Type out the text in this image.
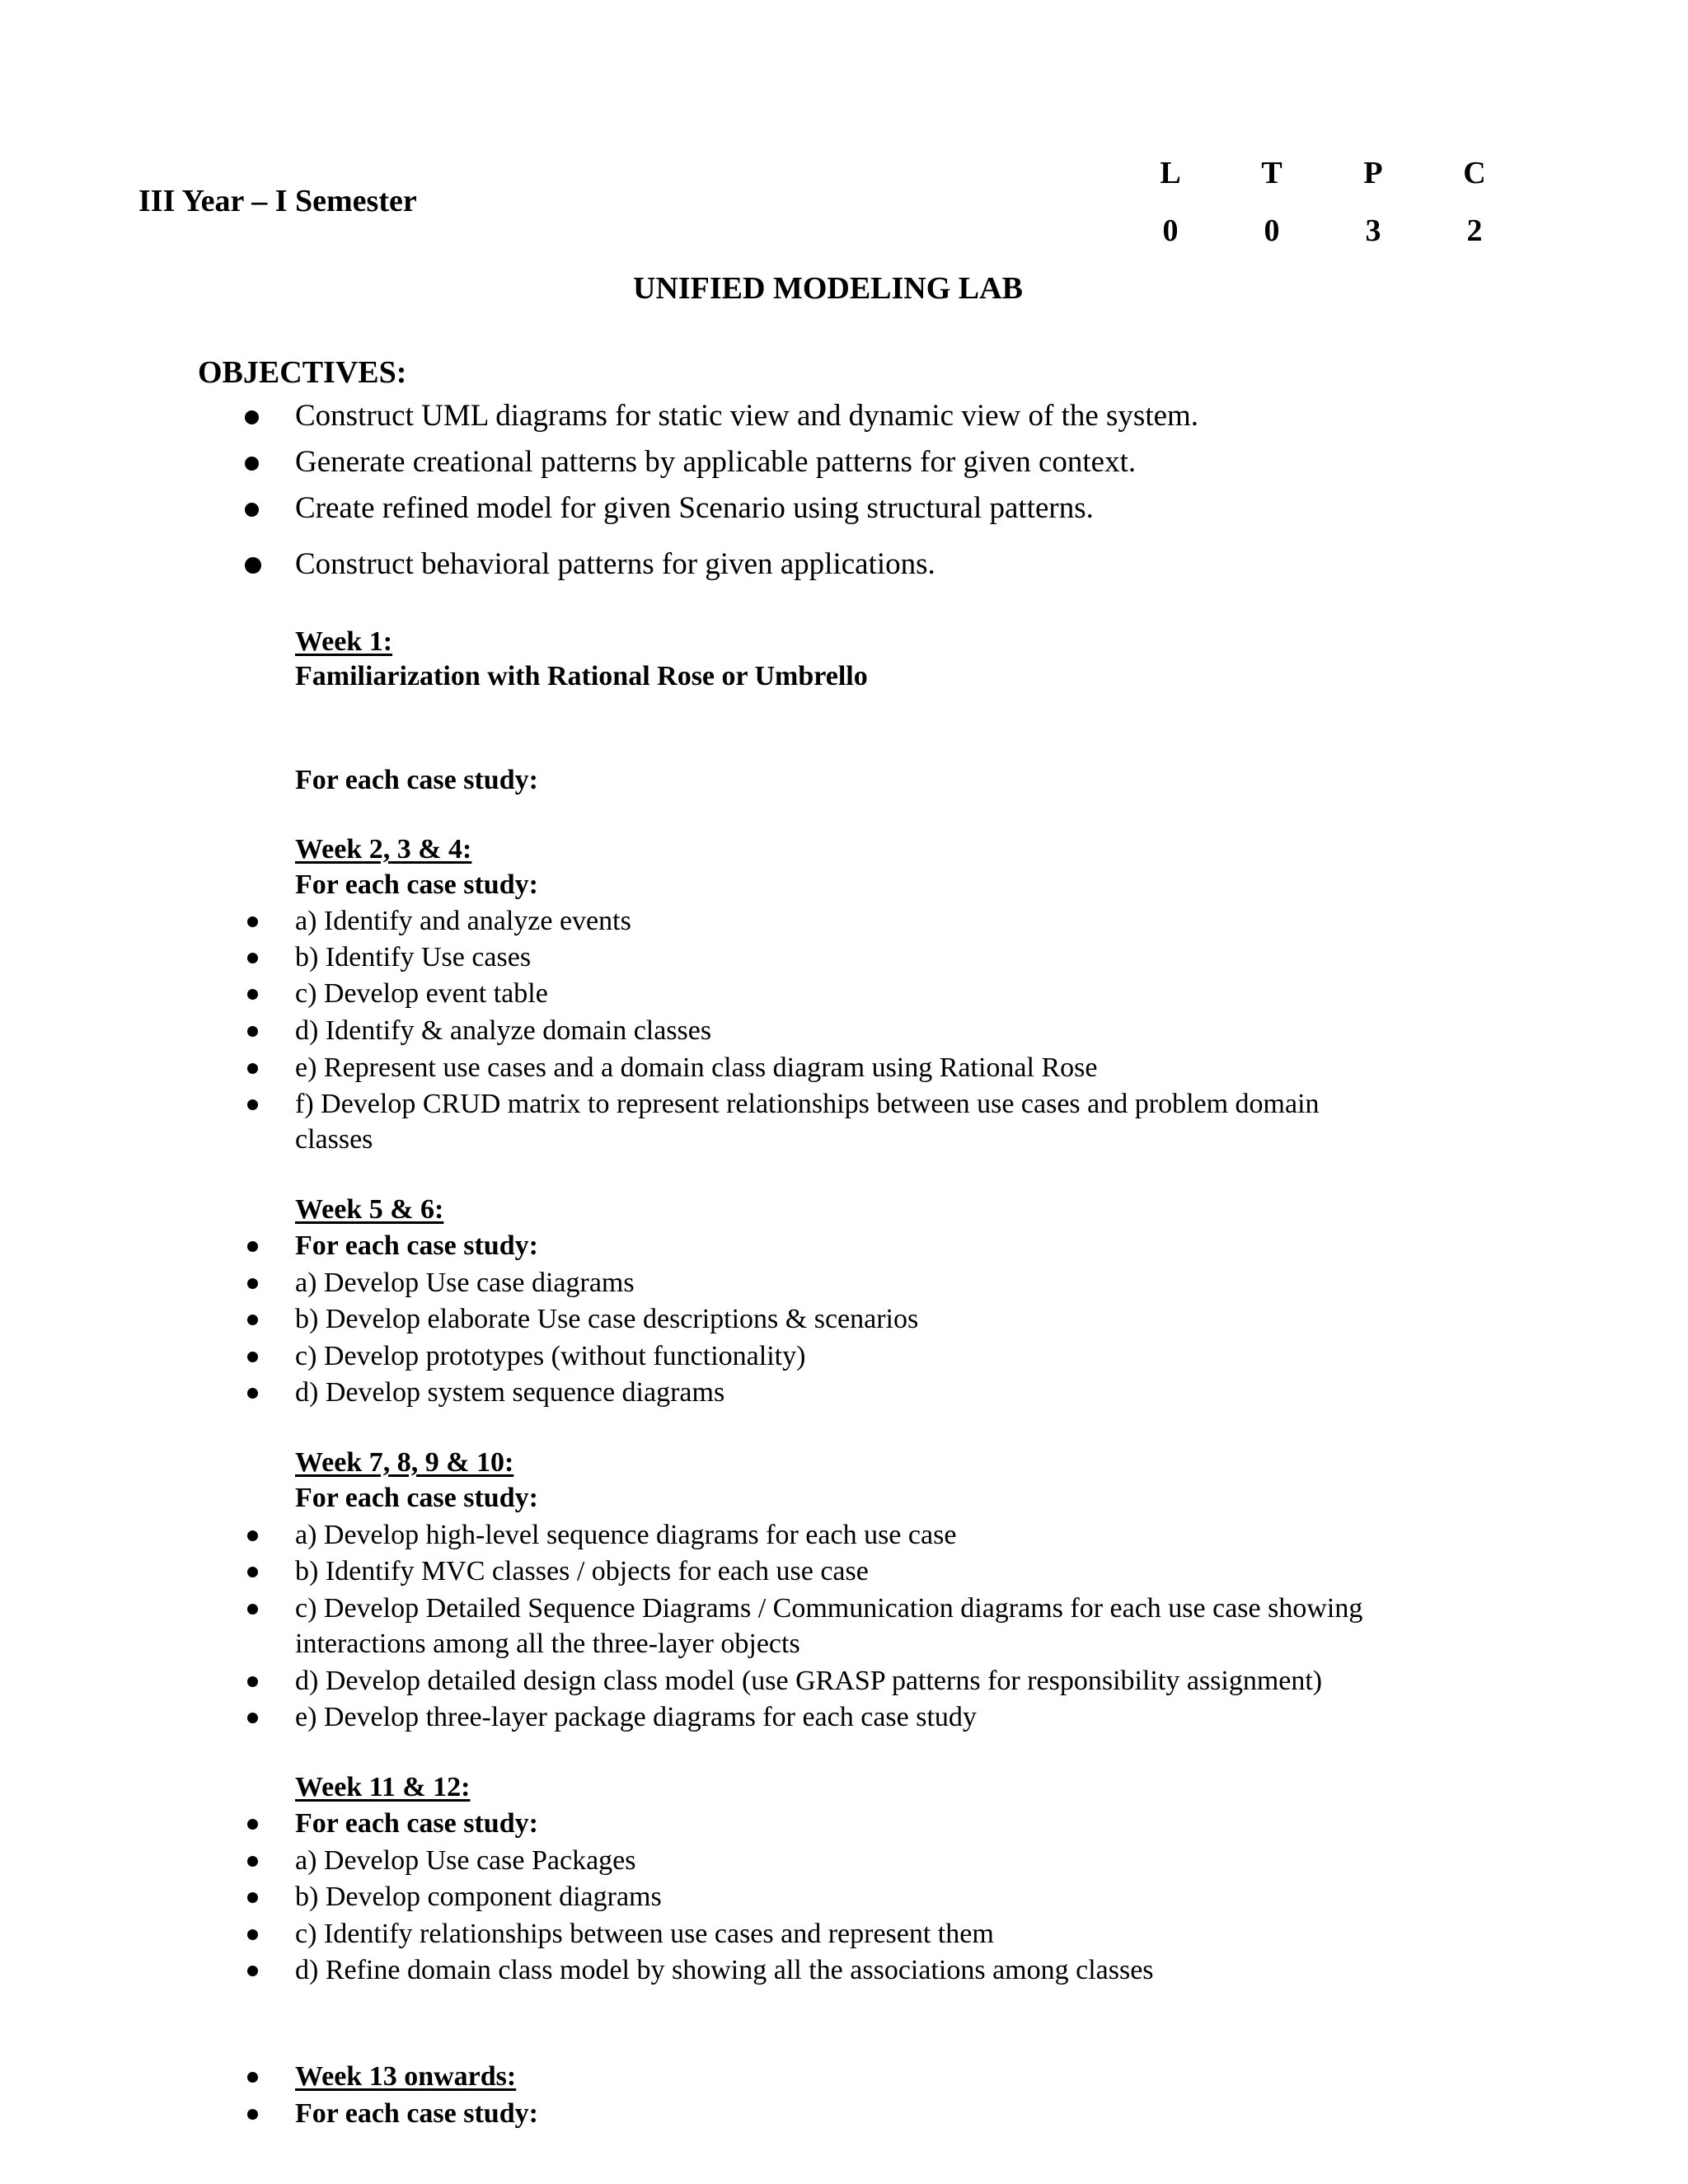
III Year – I Semester
L	T	P	C
0	0	3	2
UNIFIED MODELING LAB
OBJECTIVES:
Construct UML diagrams for static view and dynamic view of the system.
Generate creational patterns by applicable patterns for given context.
Create refined model for given Scenario using structural patterns.
Construct behavioral patterns for given applications.
Week 1:
Familiarization with Rational Rose or Umbrello
For each case study:
Week 2, 3 & 4:
For each case study:
a) Identify and analyze events
b) Identify Use cases
c) Develop event table
d) Identify & analyze domain classes
e) Represent use cases and a domain class diagram using Rational Rose
f) Develop CRUD matrix to represent relationships between use cases and problem domain
classes
Week 5 & 6:
For each case study:
a) Develop Use case diagrams
b) Develop elaborate Use case descriptions & scenarios
c) Develop prototypes (without functionality)
d) Develop system sequence diagrams
Week 7, 8, 9 & 10:
For each case study:
a) Develop high-level sequence diagrams for each use case
b) Identify MVC classes / objects for each use case
c) Develop Detailed Sequence Diagrams / Communication diagrams for each use case showing
interactions among all the three-layer objects
d) Develop detailed design class model (use GRASP patterns for responsibility assignment)
e) Develop three-layer package diagrams for each case study
Week 11 & 12:
For each case study:
a) Develop Use case Packages
b) Develop component diagrams
c) Identify relationships between use cases and represent them
d) Refine domain class model by showing all the associations among classes
Week 13 onwards:
For each case study:
